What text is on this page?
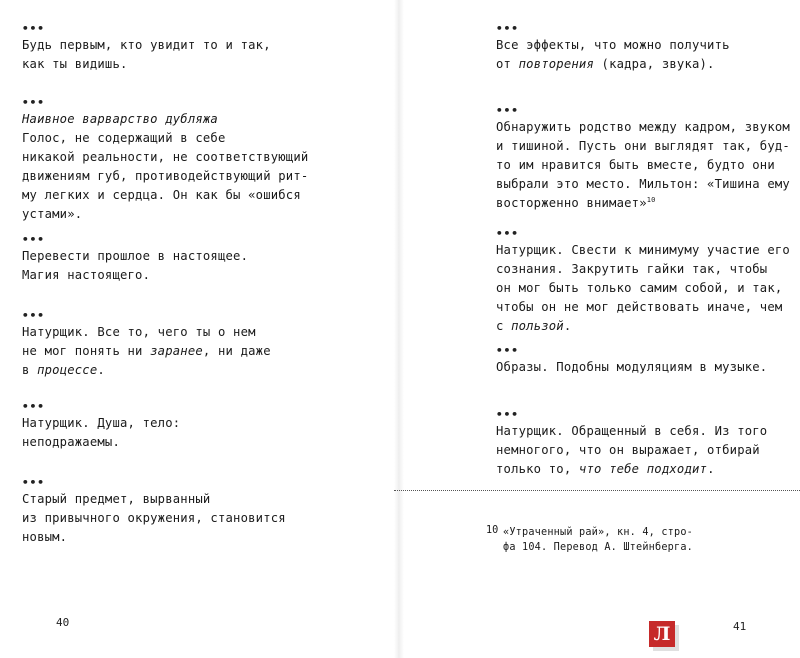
•••
Будь первым, кто увидит то и так,
как ты видишь.
•••
Наивное варварство дубляжа
Голос, не содержащий в себе
никакой реальности, не соответствующий
движениям губ, противодействующий рит-
му легких и сердца. Он как бы «ошибся
устами».
•••
Перевести прошлое в настоящее.
Магия настоящего.
•••
Натурщик. Все то, чего ты о нем
не мог понять ни заранее, ни даже
в процессе.
•••
Натурщик. Душа, тело:
неподражаемы.
•••
Старый предмет, вырванный
из привычного окружения, становится
новым.
•••
Все эффекты, что можно получить
от повторения (кадра, звука).
•••
Обнаружить родство между кадром, звуком
и тишиной. Пусть они выглядят так, буд-
то им нравится быть вместе, будто они
выбрали это место. Мильтон: «Тишина ему
восторженно внимает»$^{10}$
•••
Натурщик. Свести к минимуму участие его
сознания. Закрутить гайки так, чтобы
он мог быть только самим собой, и так,
чтобы он не мог действовать иначе, чем
с пользой.
•••
Образы. Подобны модуляциям в музыке.
•••
Натурщик. Обращенный в себя. Из того
немногого, что он выражает, отбирай
только то, что тебе подходит.
10 «Утраченный рай», кн. 4, стро-
фа 104. Перевод А. Штейнберга.
40	41
Л
